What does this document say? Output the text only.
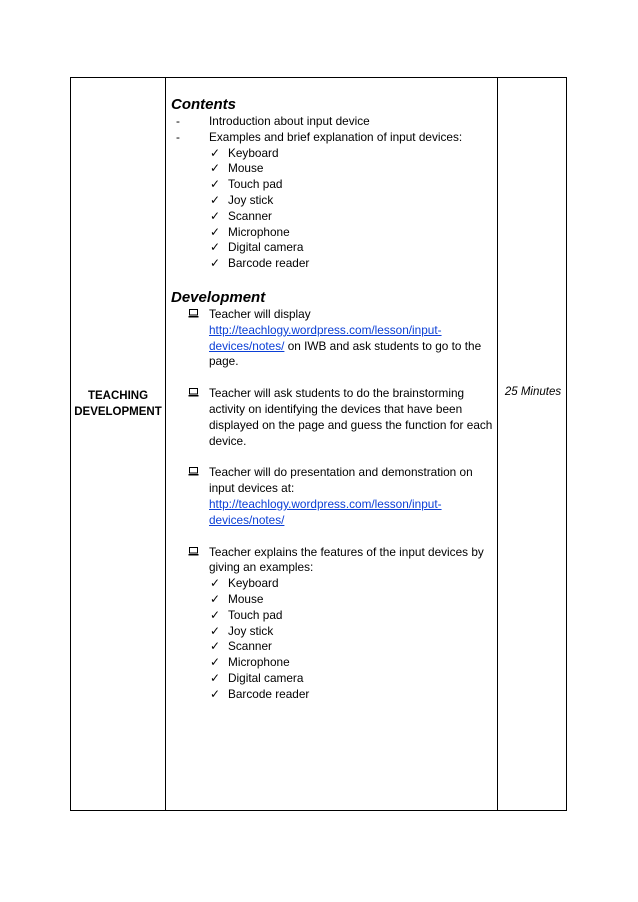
TEACHING
DEVELOPMENT
25 Minutes
Contents
- Introduction about input device
- Examples and brief explanation of input devices:
✓ Keyboard
✓ Mouse
✓ Touch pad
✓ Joy stick
✓ Scanner
✓ Microphone
✓ Digital camera
✓ Barcode reader
Development
Teacher will display
http://teachlogy.wordpress.com/lesson/input-
devices/notes/ on IWB and ask students to go to the
page.
Teacher will ask students to do the brainstorming
activity on identifying the devices that have been
displayed on the page and guess the function for each
device.
Teacher will do presentation and demonstration on
input devices at:
http://teachlogy.wordpress.com/lesson/input-
devices/notes/
Teacher explains the features of the input devices by
giving an examples:
✓ Keyboard
✓ Mouse
✓ Touch pad
✓ Joy stick
✓ Scanner
✓ Microphone
✓ Digital camera
✓ Barcode reader
